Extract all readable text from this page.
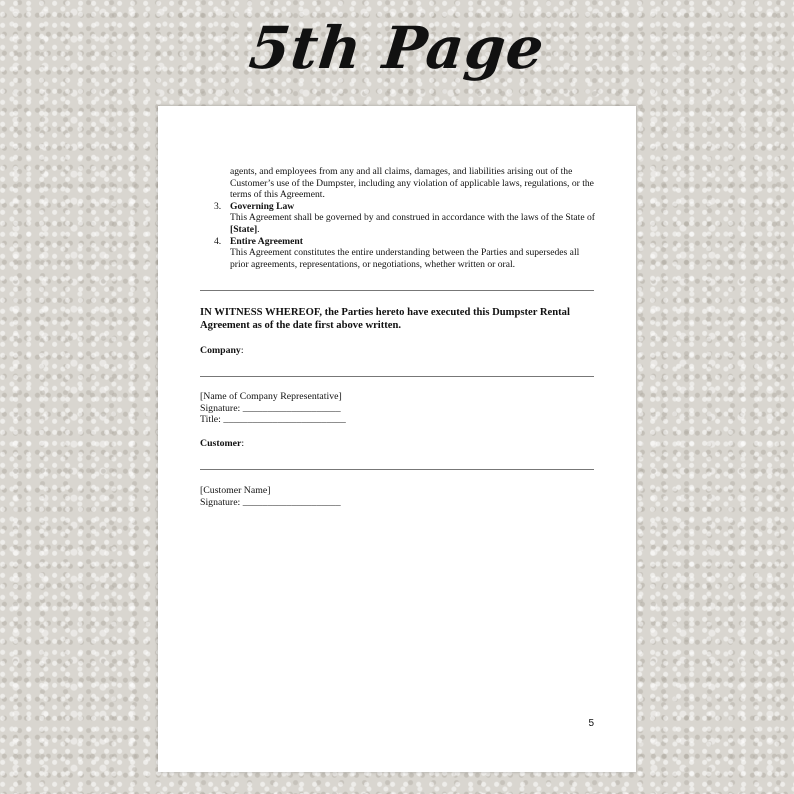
5th Page

agents, and employees from any and all claims, damages, and liabilities arising out of the Customer’s use of the Dumpster, including any violation of applicable laws, regulations, or the terms of this Agreement.

3. Governing Law

This Agreement shall be governed by and construed in accordance with the laws of the State of [State].

4. Entire Agreement

This Agreement constitutes the entire understanding between the Parties and supersedes all prior agreements, representations, or negotiations, whether written or oral.

IN WITNESS WHEREOF, the Parties hereto have executed this Dumpster Rental Agreement as of the date first above written.
Company:
[Name of Company Representative]
Signature: ____________________
Title: _________________________
Customer:
[Customer Name]
Signature: ____________________
5
